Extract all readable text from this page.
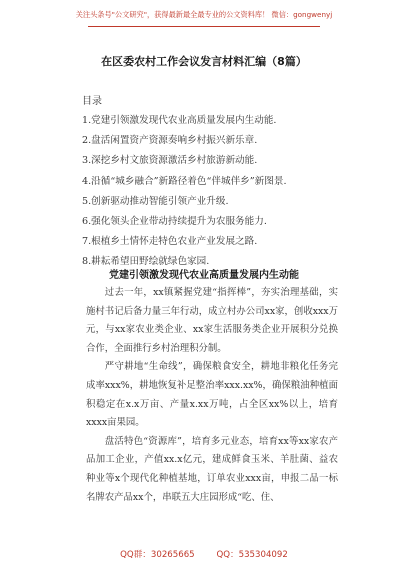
关注头条号"公文研究"，获得最新最全最专业的公文资料库！ 微信：gongwenyj
在区委农村工作会议发言材料汇编（8篇）
目录
1.党建引领激发现代农业高质量发展内生动能.
2.盘活闲置资产资源奏响乡村振兴新乐章.
3.深挖乡村文旅资源激活乡村旅游新动能.
4.沿循“城乡融合”新路径着色“伴城伴乡”新图景.
5.创新驱动推动智能引领产业升级.
6.强化领头企业带动持续提升为农服务能力.
7.根植乡土情怀走特色农业产业发展之路.
8.耕耘希望田野绘就绿色家园.
党建引领激发现代农业高质量发展内生动能

过去一年，xx镇紧握党建“指挥棒”，夯实治理基础，实施村书记后备力量三年行动，成立村办公司xx家，创收xxx万元，与xx家农业类企业、xx家生活服务类企业开展积分兑换合作，全面推行乡村治理积分制。

严守耕地“生命线”，确保粮食安全，耕地非粮化任务完成率xxx%，耕地恢复补足整治率xxx.xx%，确保粮油种植面积稳定在x.x万亩、产量x.xx万吨，占全区xx%以上，培育xxxx亩果园。

盘活特色“资源库”，培育多元业态，培育xx等xx家农产品加工企业，产值xx.x亿元，建成鲜食玉米、羊肚菌、益农种业等x个现代化种植基地，订单农业xxx亩，申报二品一标名牌农产品xx个，串联五大庄园形成“吃、住、

QQ群：30265665        QQ：535304092
